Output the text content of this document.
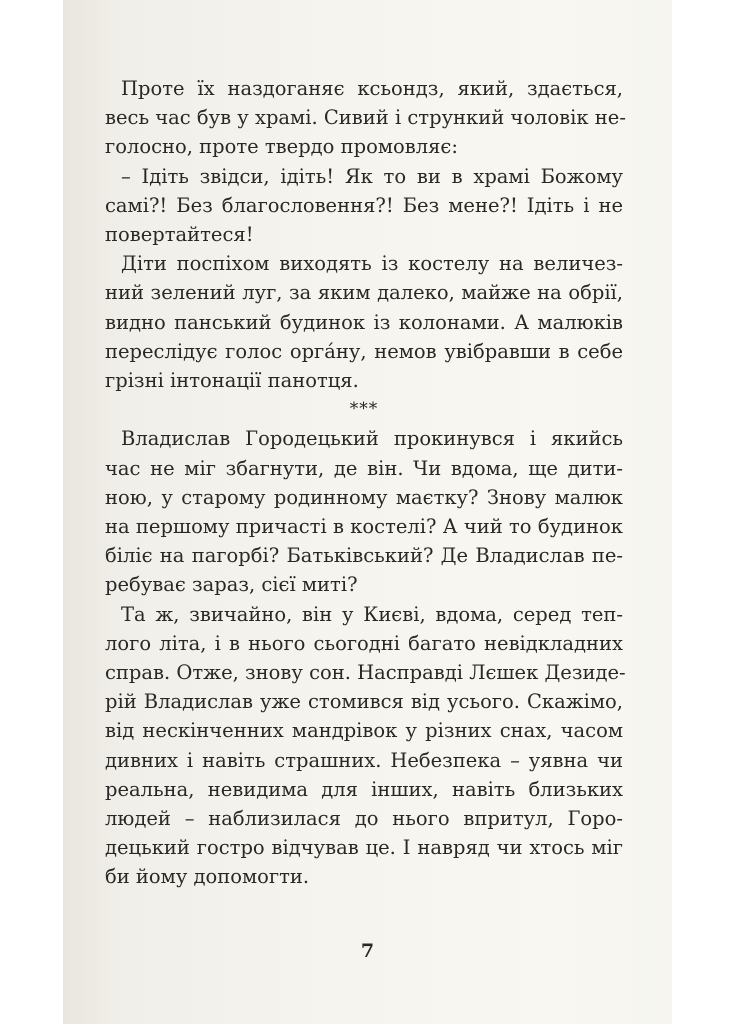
Проте їх наздоганяє ксьондз, який, здається,
весь час був у храмі. Сивий і стрункий чоловік не-
голосно, проте твердо промовляє:
– Ідіть звідси, ідіть! Як то ви в храмі Божому
самі?! Без благословення?! Без мене?! Ідіть і не
повертайтеся!
Діти поспіхом виходять із костелу на величез-
ний зелений луг, за яким далеко, майже на обрії,
видно панський будинок із колонами. А малюків
переслідує голос орга́ну, немов увібравши в себе
грізні інтонації панотця.
***
Владислав Городецький прокинувся і якийсь
час не міг збагнути, де він. Чи вдома, ще дити-
ною, у старому родинному маєтку? Знову малюк
на першому причасті в костелі? А чий то будинок
біліє на пагорбі? Батьківський? Де Владислав пе-
ребуває зараз, сієї миті?
Та ж, звичайно, він у Києві, вдома, серед теп-
лого літа, і в нього сьогодні багато невідкладних
справ. Отже, знову сон. Насправді Лєшек Дезиде-
рій Владислав уже стомився від усього. Скажімо,
від нескінченних мандрівок у різних снах, часом
дивних і навіть страшних. Небезпека – уявна чи
реальна, невидима для інших, навіть близьких
людей – наблизилася до нього впритул, Горо-
децький гостро відчував це. І навряд чи хтось міг
би йому допомогти.
7
